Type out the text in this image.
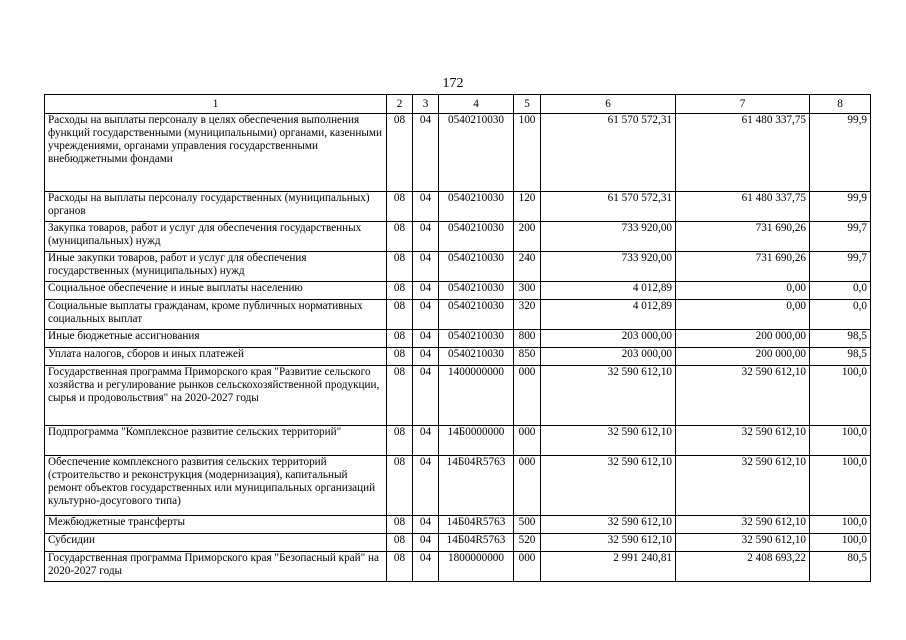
172
1	2	3	4	5	6	7	8
Расходы на выплаты персоналу в целях обеспечения выполнения функций государственными (муниципальными) органами, казенными учреждениями, органами управления государственными внебюджетными фондами	08	04	0540210030	100	61 570 572,31	61 480 337,75	99,9
Расходы на выплаты персоналу государственных (муниципальных) органов	08	04	0540210030	120	61 570 572,31	61 480 337,75	99,9
Закупка товаров, работ и услуг для обеспечения государственных (муниципальных) нужд	08	04	0540210030	200	733 920,00	731 690,26	99,7
Иные закупки товаров, работ и услуг для обеспечения государственных (муниципальных) нужд	08	04	0540210030	240	733 920,00	731 690,26	99,7
Социальное обеспечение и иные выплаты населению	08	04	0540210030	300	4 012,89	0,00	0,0
Социальные выплаты гражданам, кроме публичных нормативных социальных выплат	08	04	0540210030	320	4 012,89	0,00	0,0
Иные бюджетные ассигнования	08	04	0540210030	800	203 000,00	200 000,00	98,5
Уплата налогов, сборов и иных платежей	08	04	0540210030	850	203 000,00	200 000,00	98,5
Государственная программа Приморского края "Развитие сельского хозяйства и регулирование рынков сельскохозяйственной продукции, сырья и продовольствия" на 2020-2027 годы	08	04	1400000000	000	32 590 612,10	32 590 612,10	100,0
Подпрограмма "Комплексное развитие сельских территорий"	08	04	14Б0000000	000	32 590 612,10	32 590 612,10	100,0
Обеспечение комплексного развития сельских территорий (строительство и реконструкция (модернизация), капитальный ремонт объектов государственных или муниципальных организаций культурно-досугового типа)	08	04	14Б04R5763	000	32 590 612,10	32 590 612,10	100,0
Межбюджетные трансферты	08	04	14Б04R5763	500	32 590 612,10	32 590 612,10	100,0
Субсидии	08	04	14Б04R5763	520	32 590 612,10	32 590 612,10	100,0
Государственная программа Приморского края "Безопасный край" на 2020-2027 годы	08	04	1800000000	000	2 991 240,81	2 408 693,22	80,5
